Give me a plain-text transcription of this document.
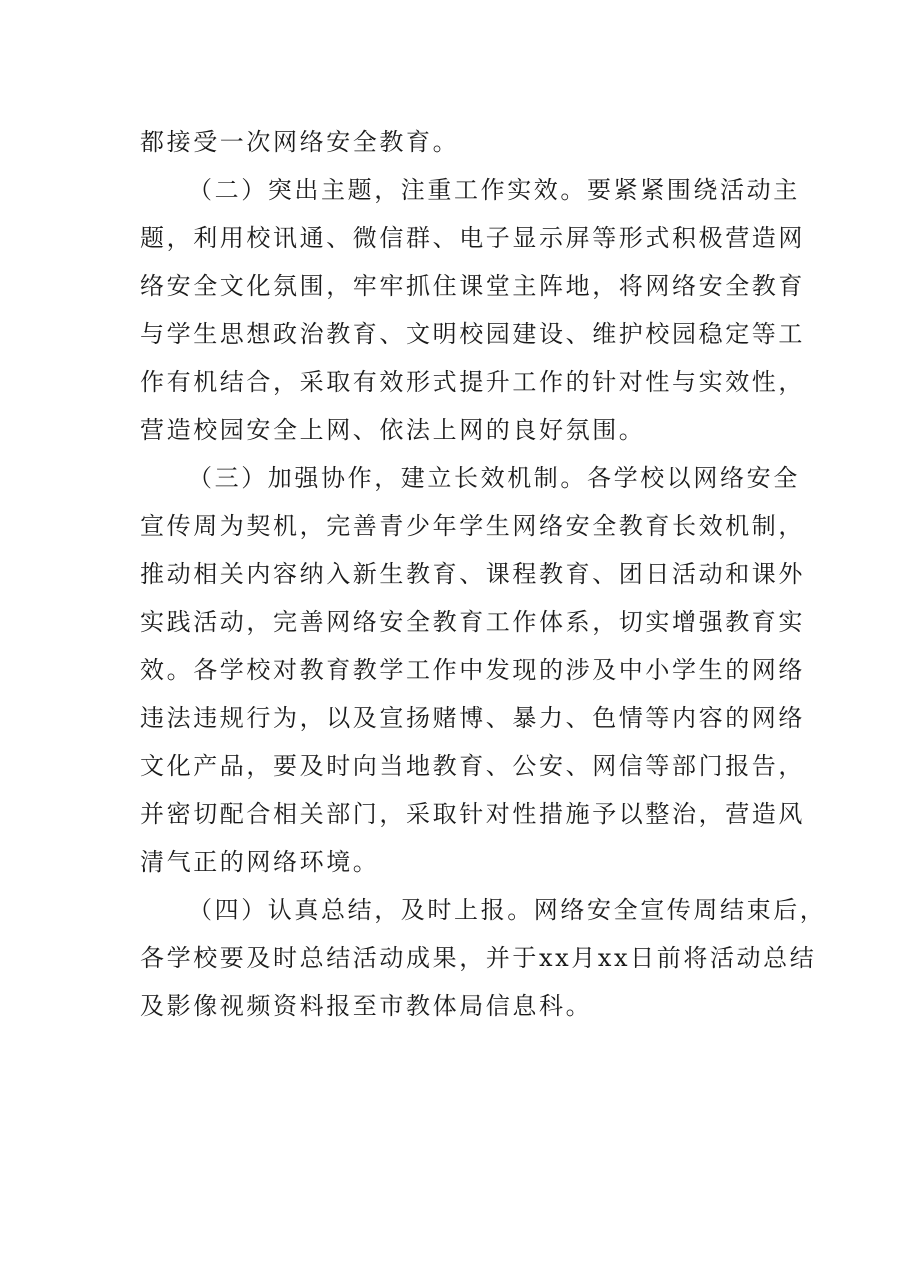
都接受一次网络安全教育。
（二）突出主题，注重工作实效。要紧紧围绕活动主
题，利用校讯通、微信群、电子显示屏等形式积极营造网
络安全文化氛围，牢牢抓住课堂主阵地，将网络安全教育
与学生思想政治教育、文明校园建设、维护校园稳定等工
作有机结合，采取有效形式提升工作的针对性与实效性，
营造校园安全上网、依法上网的良好氛围。
（三）加强协作，建立长效机制。各学校以网络安全
宣传周为契机，完善青少年学生网络安全教育长效机制，
推动相关内容纳入新生教育、课程教育、团日活动和课外
实践活动，完善网络安全教育工作体系，切实增强教育实
效。各学校对教育教学工作中发现的涉及中小学生的网络
违法违规行为，以及宣扬赌博、暴力、色情等内容的网络
文化产品，要及时向当地教育、公安、网信等部门报告，
并密切配合相关部门，采取针对性措施予以整治，营造风
清气正的网络环境。
（四）认真总结，及时上报。网络安全宣传周结束后，
各学校要及时总结活动成果，并于xx月xx日前将活动总结
及影像视频资料报至市教体局信息科。
